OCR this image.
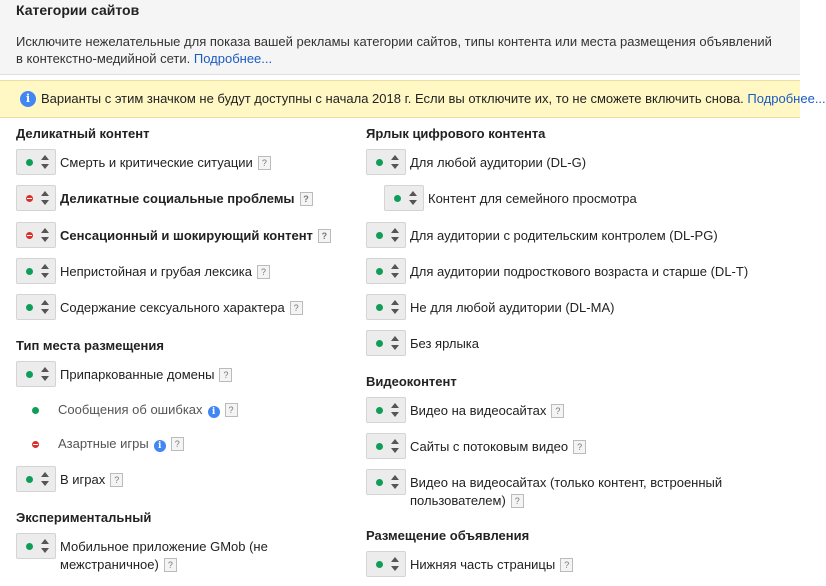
Категории сайтов
Исключите нежелательные для показа вашей рекламы категории сайтов, типы контента или места размещения объявлений в контекстно-медийной сети. Подробнее...
i Варианты с этим значком не будут доступны с начала 2018 г. Если вы отключите их, то не сможете включить снова. Подробнее...
Деликатный контент
Смерть и критические ситуации ?
Деликатные социальные проблемы ?
Сенсационный и шокирующий контент ?
Непристойная и грубая лексика ?
Содержание сексуального характера ?
Тип места размещения
Припаркованные домены ?
Сообщения об ошибках i ?
Азартные игры i ?
В играх ?
Экспериментальный
Мобильное приложение GMob (не
межстраничное) ?
Ярлык цифрового контента
Для любой аудитории (DL-G)
Контент для семейного просмотра
Для аудитории с родительским контролем (DL-PG)
Для аудитории подросткового возраста и старше (DL-T)
Не для любой аудитории (DL-MA)
Без ярлыка
Видеоконтент
Видео на видеосайтах ?
Сайты с потоковым видео ?
Видео на видеосайтах (только контент, встроенный
пользователем) ?
Размещение объявления
Нижняя часть страницы ?
